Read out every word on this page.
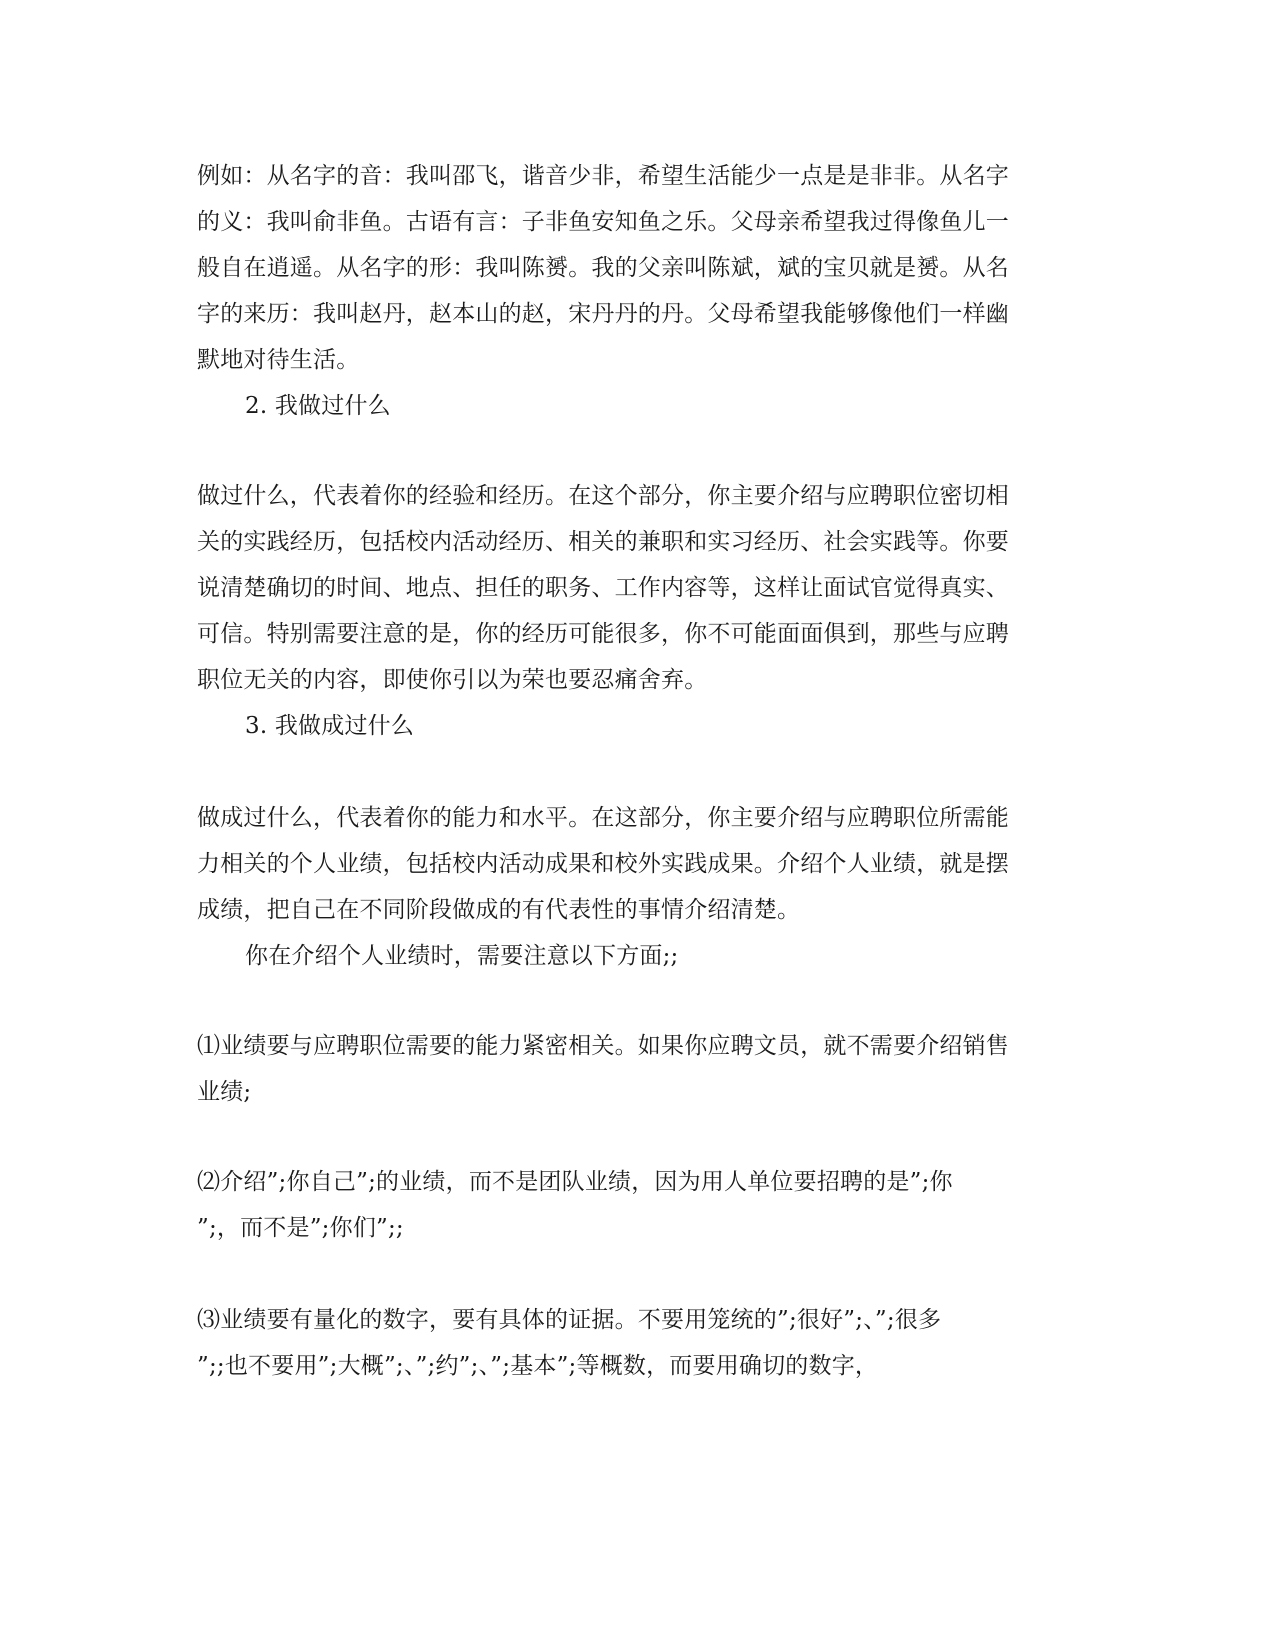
例如：从名字的音：我叫邵飞，谐音少非，希望生活能少一点是是非非。从名字
的义：我叫俞非鱼。古语有言：子非鱼安知鱼之乐。父母亲希望我过得像鱼儿一
般自在逍遥。从名字的形：我叫陈赟。我的父亲叫陈斌，斌的宝贝就是赟。从名
字的来历：我叫赵丹，赵本山的赵，宋丹丹的丹。父母希望我能够像他们一样幽
默地对待生活。
2. 我做过什么
做过什么，代表着你的经验和经历。在这个部分，你主要介绍与应聘职位密切相
关的实践经历，包括校内活动经历、相关的兼职和实习经历、社会实践等。你要
说清楚确切的时间、地点、担任的职务、工作内容等，这样让面试官觉得真实、
可信。特别需要注意的是，你的经历可能很多，你不可能面面俱到，那些与应聘
职位无关的内容，即使你引以为荣也要忍痛舍弃。
3. 我做成过什么
做成过什么，代表着你的能力和水平。在这部分，你主要介绍与应聘职位所需能
力相关的个人业绩，包括校内活动成果和校外实践成果。介绍个人业绩，就是摆
成绩，把自己在不同阶段做成的有代表性的事情介绍清楚。
你在介绍个人业绩时，需要注意以下方面;;
⑴业绩要与应聘职位需要的能力紧密相关。如果你应聘文员，就不需要介绍销售
业绩;
⑵介绍”;你自己”;的业绩，而不是团队业绩，因为用人单位要招聘的是”;你
”;，而不是”;你们”;;
⑶业绩要有量化的数字，要有具体的证据。不要用笼统的”;很好”;、”;很多
”;;也不要用”;大概”;、”;约”;、”;基本”;等概数，而要用确切的数字，
